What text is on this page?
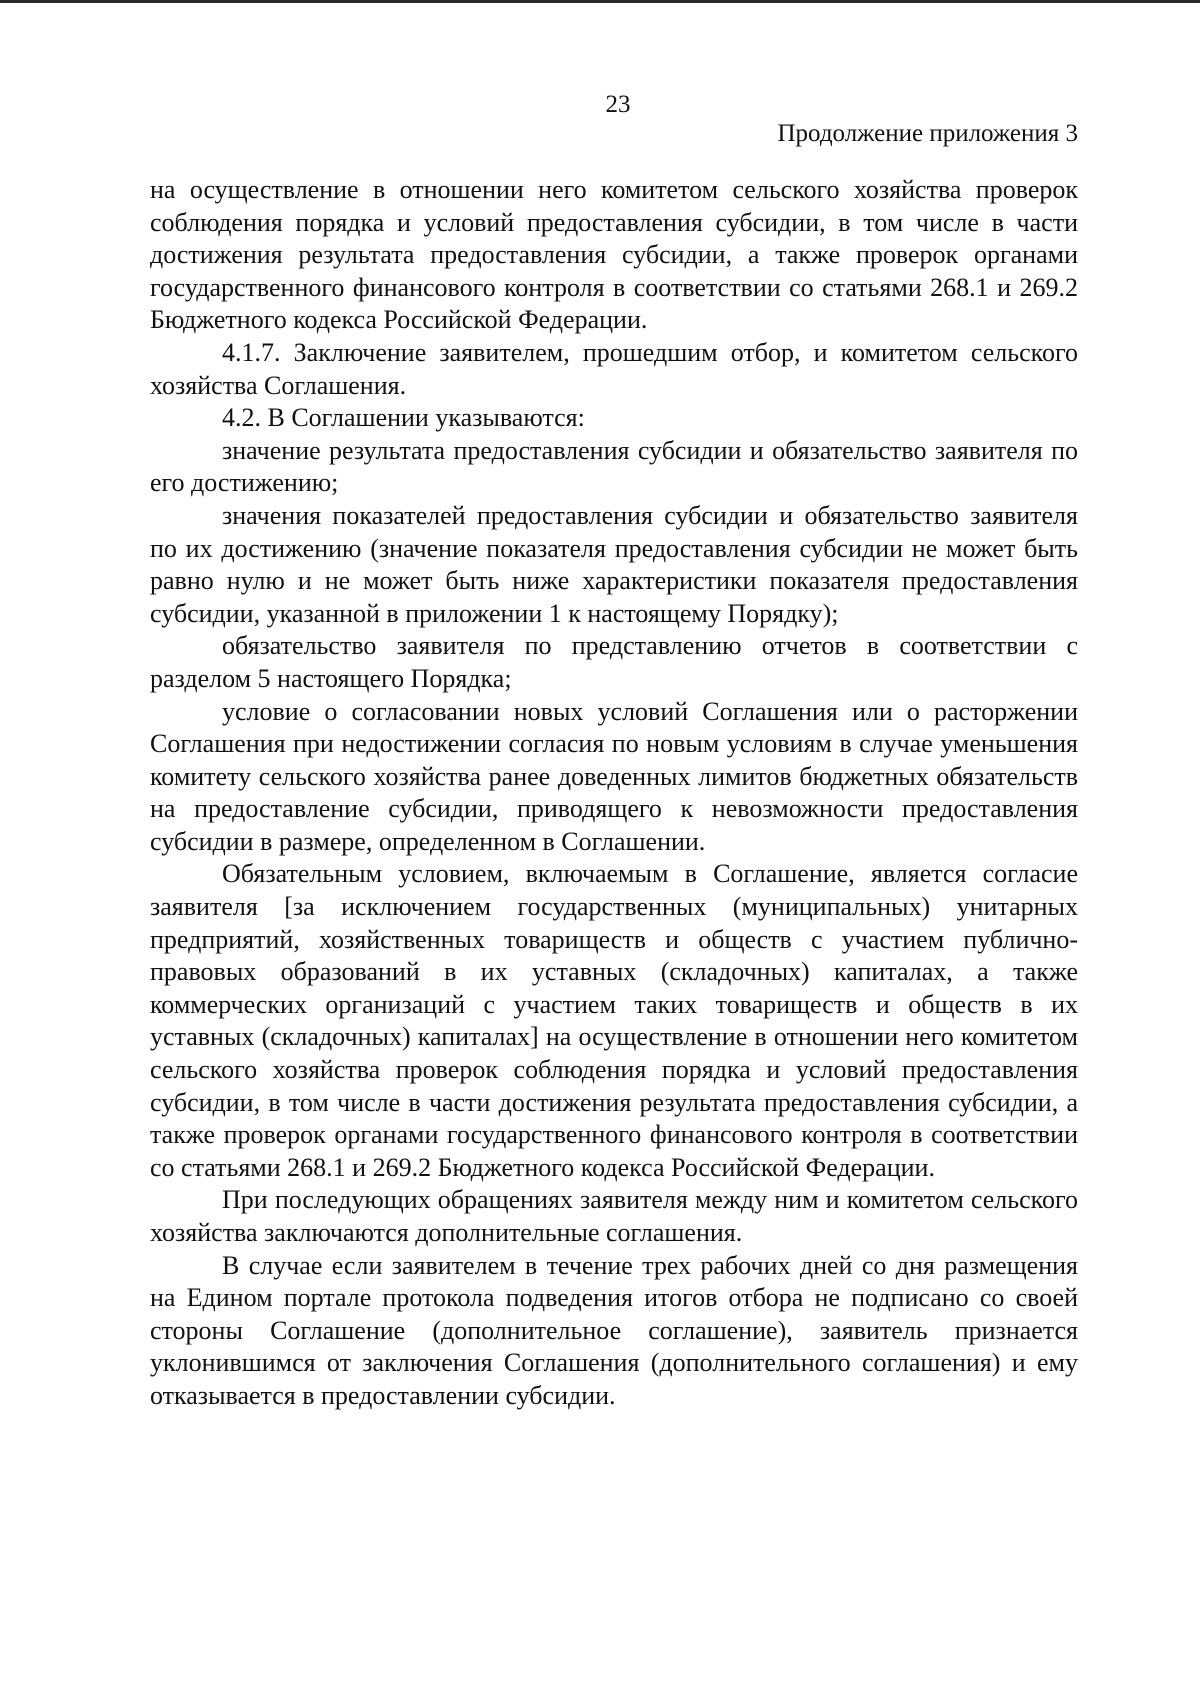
23
Продолжение приложения 3

на осуществление в отношении него комитетом сельского хозяйства проверок соблюдения порядка и условий предоставления субсидии, в том числе в части достижения результата предоставления субсидии, а также проверок органами государственного финансового контроля в соответствии со статьями 268.1 и 269.2 Бюджетного кодекса Российской Федерации.

4.1.7. Заключение заявителем, прошедшим отбор, и комитетом сельского хозяйства Соглашения.

4.2. В Соглашении указываются:

значение результата предоставления субсидии и обязательство заявителя по его достижению;

значения показателей предоставления субсидии и обязательство заявителя по их достижению (значение показателя предоставления субсидии не может быть равно нулю и не может быть ниже характеристики показателя предоставления субсидии, указанной в приложении 1 к настоящему Порядку);

обязательство заявителя по представлению отчетов в соответствии с разделом 5 настоящего Порядка;

условие о согласовании новых условий Соглашения или о расторжении Соглашения при недостижении согласия по новым условиям в случае уменьшения комитету сельского хозяйства ранее доведенных лимитов бюджетных обязательств на предоставление субсидии, приводящего к невозможности предоставления субсидии в размере, определенном в Соглашении.

Обязательным условием, включаемым в Соглашение, является согласие заявителя [за исключением государственных (муниципальных) унитарных предприятий, хозяйственных товариществ и обществ с участием публично-правовых образований в их уставных (складочных) капиталах, а также коммерческих организаций с участием таких товариществ и обществ в их уставных (складочных) капиталах] на осуществление в отношении него комитетом сельского хозяйства проверок соблюдения порядка и условий предоставления субсидии, в том числе в части достижения результата предоставления субсидии, а также проверок органами государственного финансового контроля в соответствии со статьями 268.1 и 269.2 Бюджетного кодекса Российской Федерации.

При последующих обращениях заявителя между ним и комитетом сельского хозяйства заключаются дополнительные соглашения.

В случае если заявителем в течение трех рабочих дней со дня размещения на Едином портале протокола подведения итогов отбора не подписано со своей стороны Соглашение (дополнительное соглашение), заявитель признается уклонившимся от заключения Соглашения (дополнительного соглашения) и ему отказывается в предоставлении субсидии.
